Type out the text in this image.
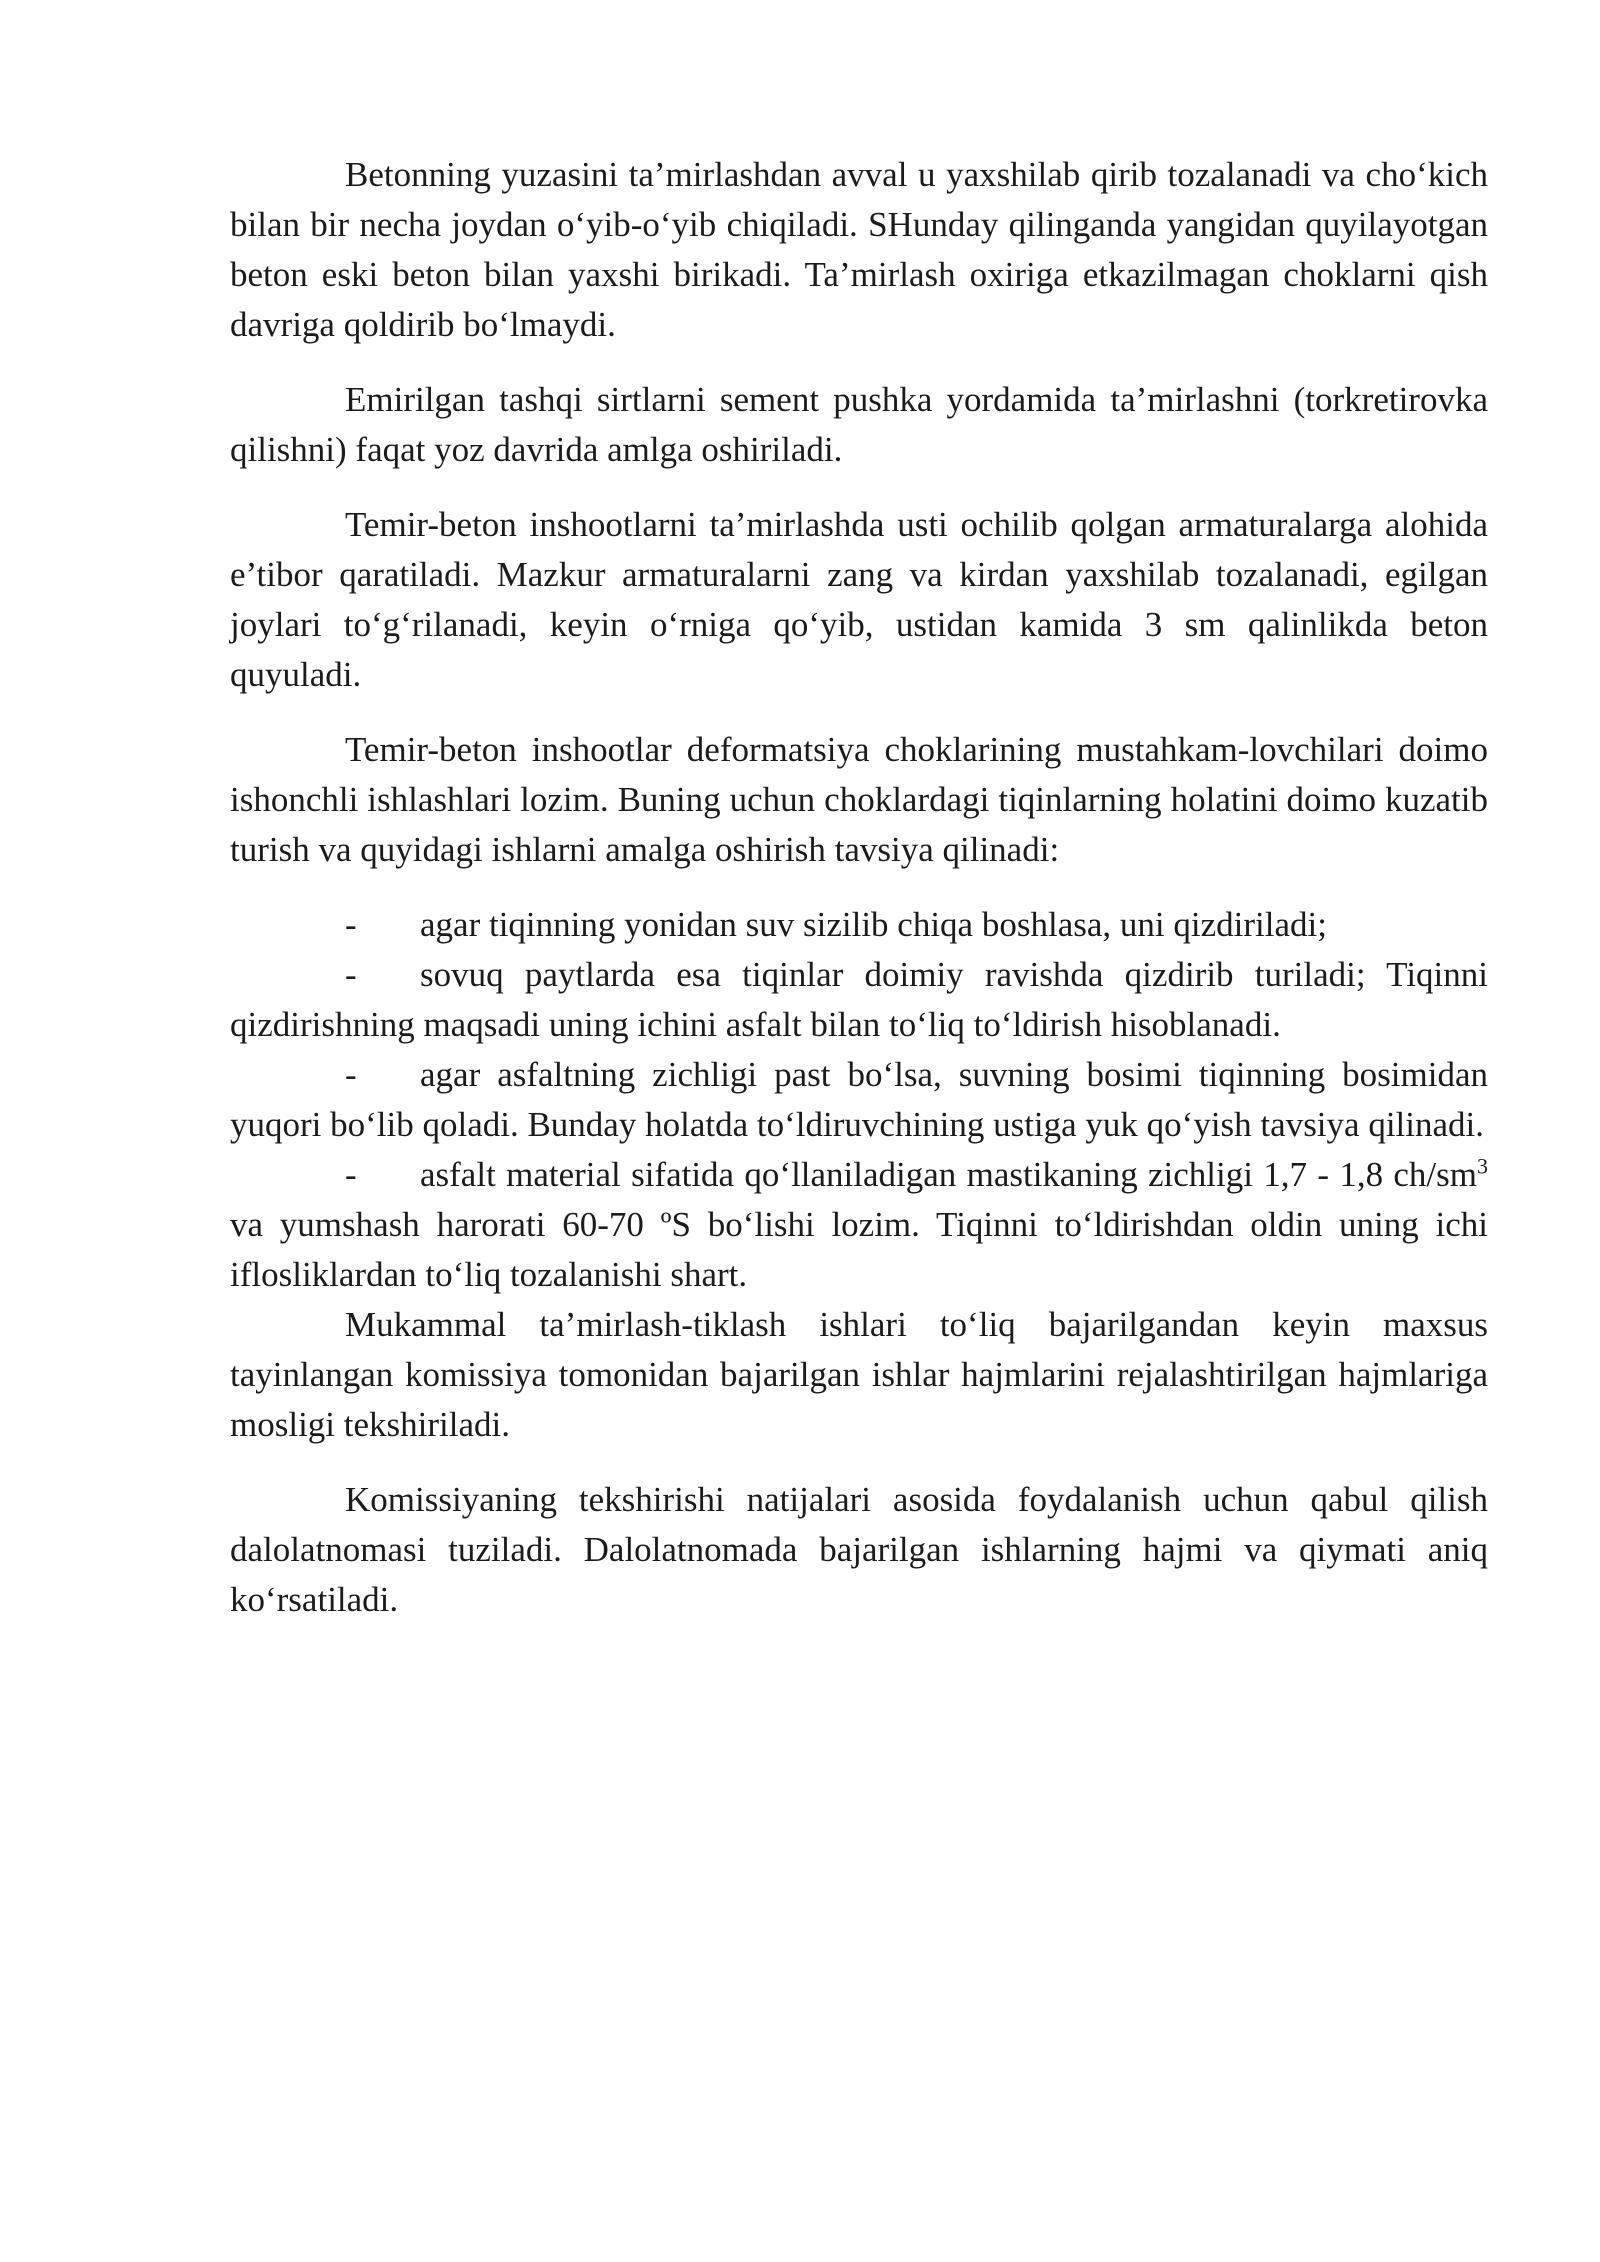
Betonning yuzasini ta’mirlashdan avval u yaxshilab qirib tozalanadi va cho‘kich bilan bir necha joydan o‘yib-o‘yib chiqiladi. SHunday qilinganda yangidan quyilayotgan beton eski beton bilan yaxshi birikadi. Ta’mirlash oxiriga etkazilmagan choklarni qish davriga qoldirib bo‘lmaydi.

Emirilgan tashqi sirtlarni sement pushka yordamida ta’mirlashni (torkretirovka qilishni) faqat yoz davrida amlga oshiriladi.

Temir-beton inshootlarni ta’mirlashda usti ochilib qolgan armaturalarga alohida e’tibor qaratiladi. Mazkur armaturalarni zang va kirdan yaxshilab tozalanadi, egilgan joylari to‘g‘rilanadi, keyin o‘rniga qo‘yib, ustidan kamida 3 sm qalinlikda beton quyuladi.

Temir-beton inshootlar deformatsiya choklarining mustahkam-lovchilari doimo ishonchli ishlashlari lozim. Buning uchun choklardagi tiqinlarning holatini doimo kuzatib turish va quyidagi ishlarni amalga oshirish tavsiya qilinadi:

- agar tiqinning yonidan suv sizilib chiqa boshlasa, uni qizdiriladi;

- sovuq paytlarda esa tiqinlar doimiy ravishda qizdirib turiladi; Tiqinni qizdirishning maqsadi uning ichini asfalt bilan to‘liq to‘ldirish hisoblanadi.

- agar asfaltning zichligi past bo‘lsa, suvning bosimi tiqinning bosimidan yuqori bo‘lib qoladi. Bunday holatda to‘ldiruvchining ustiga yuk qo‘yish tavsiya qilinadi.

- asfalt material sifatida qo‘llaniladigan mastikaning zichligi 1,7 - 1,8 $ch/sm^3$ va yumshash harorati 60-70 ºS bo‘lishi lozim. Tiqinni to‘ldirishdan oldin uning ichi iflosliklardan to‘liq tozalanishi shart.

Mukammal ta’mirlash-tiklash ishlari to‘liq bajarilgandan keyin maxsus tayinlangan komissiya tomonidan bajarilgan ishlar hajmlarini rejalashtirilgan hajmlariga mosligi tekshiriladi.

Komissiyaning tekshirishi natijalari asosida foydalanish uchun qabul qilish dalolatnomasi tuziladi. Dalolatnomada bajarilgan ishlarning hajmi va qiymati aniq ko‘rsatiladi.
